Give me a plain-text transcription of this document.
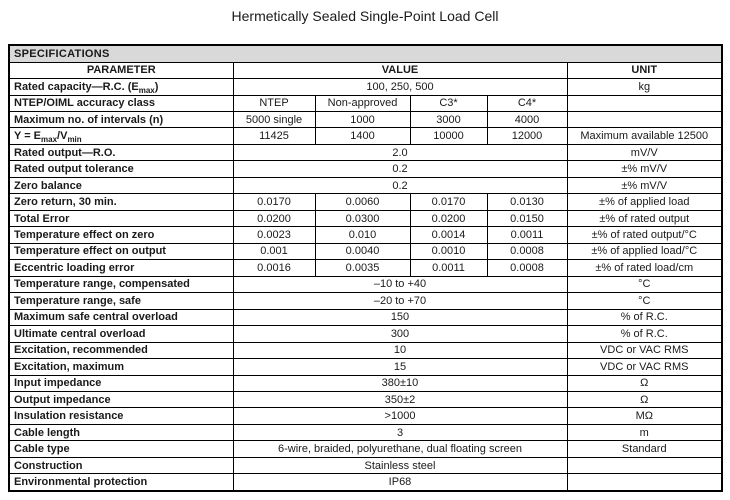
Hermetically Sealed Single-Point Load Cell
SPECIFICATIONS					
PARAMETER	VALUE				UNIT
Rated capacity—R.C. $(E_{max})$	100, 250, 500				kg
NTEP/OIML accuracy class	NTEP	Non-approved	C3*	C4*	
Maximum no. of intervals (n)	5000 single	1000	3000	4000	
$Y = E_{max}/V_{min}$	11425	1400	10000	12000	Maximum available 12500
Rated output—R.O.	2.0				mV/V
Rated output tolerance	0.2				±% mV/V
Zero balance	0.2				±% mV/V
Zero return, 30 min.	0.0170	0.0060	0.0170	0.0130	±% of applied load
Total Error	0.0200	0.0300	0.0200	0.0150	±% of rated output
Temperature effect on zero	0.0023	0.010	0.0014	0.0011	±% of rated output/°C
Temperature effect on output	0.001	0.0040	0.0010	0.0008	±% of applied load/°C
Eccentric loading error	0.0016	0.0035	0.0011	0.0008	±% of rated load/cm
Temperature range, compensated	–10 to +40				°C
Temperature range, safe	–20 to +70				°C
Maximum safe central overload	150				% of R.C.
Ultimate central overload	300				% of R.C.
Excitation, recommended	10				VDC or VAC RMS
Excitation, maximum	15				VDC or VAC RMS
Input impedance	380±10				Ω
Output impedance	350±2				Ω
Insulation resistance	>1000				MΩ
Cable length	3				m
Cable type	6-wire, braided, polyurethane, dual floating screen				Standard
Construction	Stainless steel				
Environmental protection	IP68				
